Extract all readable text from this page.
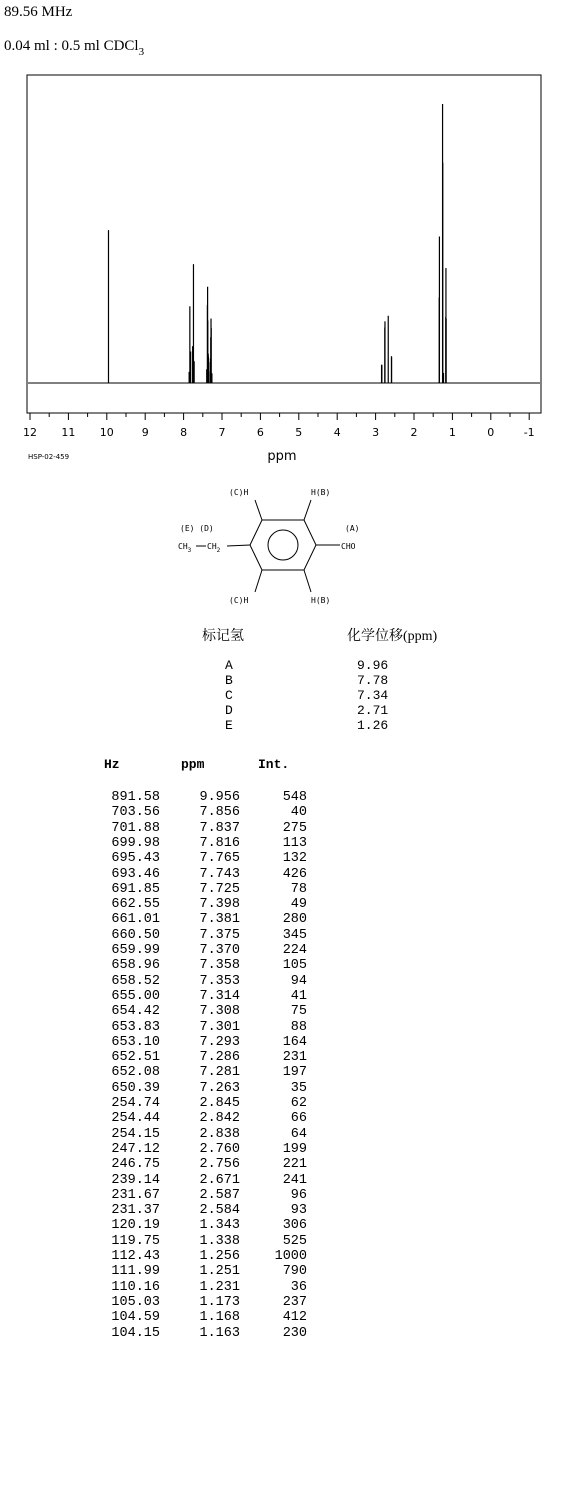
89.56 MHz
0.04 ml : 0.5 ml CDCl$_3$
12 11 10	9	8	7	6	5	4	3	2	1	0	-1
ppm
HSP-02-459
(C)H	H(B)
(E) (D)	(A)
$CH_3$ $CH_2$	CHO
(C)H	H(B)
标记氢	化学位移(ppm)
A	9.96
B	7.78
C	7.34
D	2.71
E	1.26
Hz	ppm	Int.
891.58	9.956	548
703.56	7.856	40
701.88	7.837	275
699.98	7.816	113
695.43	7.765	132
693.46	7.743	426
691.85	7.725	78
662.55	7.398	49
661.01	7.381	280
660.50	7.375	345
659.99	7.370	224
658.96	7.358	105
658.52	7.353	94
655.00	7.314	41
654.42	7.308	75
653.83	7.301	88
653.10	7.293	164
652.51	7.286	231
652.08	7.281	197
650.39	7.263	35
254.74	2.845	62
254.44	2.842	66
254.15	2.838	64
247.12	2.760	199
246.75	2.756	221
239.14	2.671	241
231.67	2.587	96
231.37	2.584	93
120.19	1.343	306
119.75	1.338	525
112.43	1.256	1000
111.99	1.251	790
110.16	1.231	36
105.03	1.173	237
104.59	1.168	412
104.15	1.163	230
